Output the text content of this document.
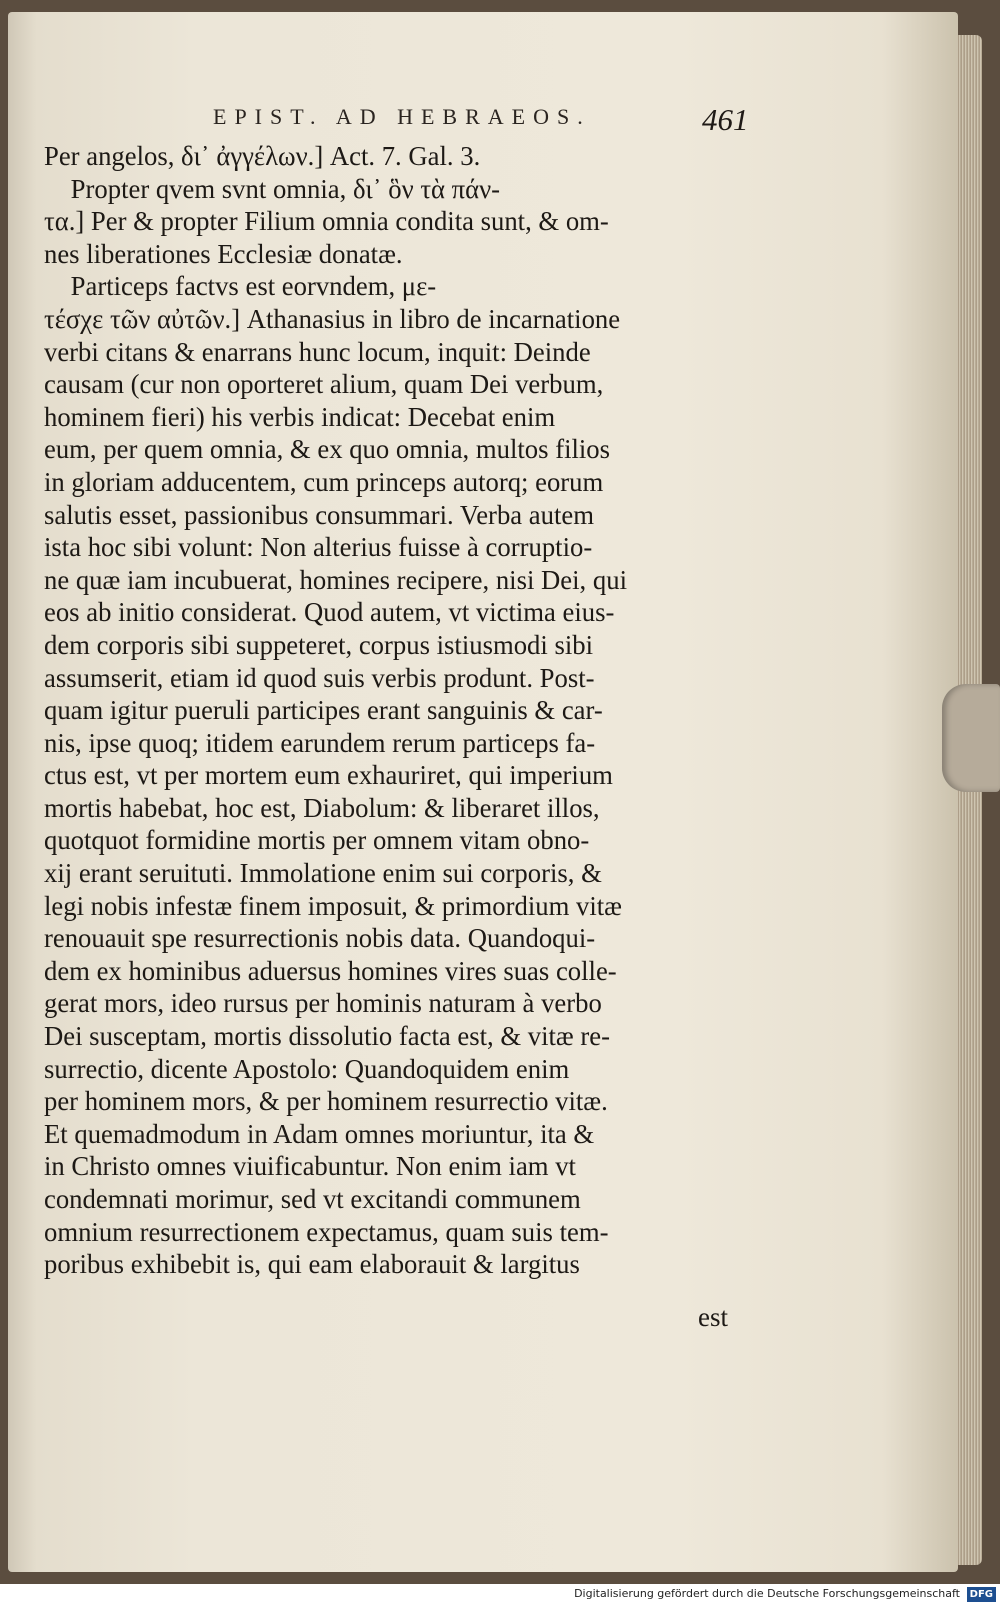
EPIST. AD HEBRAEOS.	461
Per angelos, δι᾽ ἀγγέλων.] Act. 7. Gal. 3.
Propter qvem svnt omnia, δι᾽ ὃν τὰ πάν-
τα.] Per & propter Filium omnia condita sunt, & om-
nes liberationes Ecclesiæ donatæ.
Particeps factvs est eorvndem, με-
τέσχε τῶν αὐτῶν.] Athanasius in libro de incarnatione
verbi citans & enarrans hunc locum, inquit: Deinde
causam (cur non oporteret alium, quam Dei verbum,
hominem fieri) his verbis indicat: Decebat enim
eum, per quem omnia, & ex quo omnia, multos filios
in gloriam adducentem, cum princeps autorq; eorum
salutis esset, passionibus consummari. Verba autem
ista hoc sibi volunt: Non alterius fuisse à corruptio-
ne quæ iam incubuerat, homines recipere, nisi Dei, qui
eos ab initio considerat. Quod autem, vt victima eius-
dem corporis sibi suppeteret, corpus istiusmodi sibi
assumserit, etiam id quod suis verbis produnt. Post-
quam igitur pueruli participes erant sanguinis & car-
nis, ipse quoq; itidem earundem rerum particeps fa-
ctus est, vt per mortem eum exhauriret, qui imperium
mortis habebat, hoc est, Diabolum: & liberaret illos,
quotquot formidine mortis per omnem vitam obno-
xij erant seruituti. Immolatione enim sui corporis, &
legi nobis infestæ finem imposuit, & primordium vitæ
renouauit spe resurrectionis nobis data. Quandoqui-
dem ex hominibus aduersus homines vires suas colle-
gerat mors, ideo rursus per hominis naturam à verbo
Dei susceptam, mortis dissolutio facta est, & vitæ re-
surrectio, dicente Apostolo: Quandoquidem enim
per hominem mors, & per hominem resurrectio vitæ.
Et quemadmodum in Adam omnes moriuntur, ita &
in Christo omnes viuificabuntur. Non enim iam vt
condemnati morimur, sed vt excitandi communem
omnium resurrectionem expectamus, quam suis tem-
poribus exhibebit is, qui eam elaborauit & largitus
est
Digitalisierung gefördert durch die Deutsche Forschungsgemeinschaft DFG
